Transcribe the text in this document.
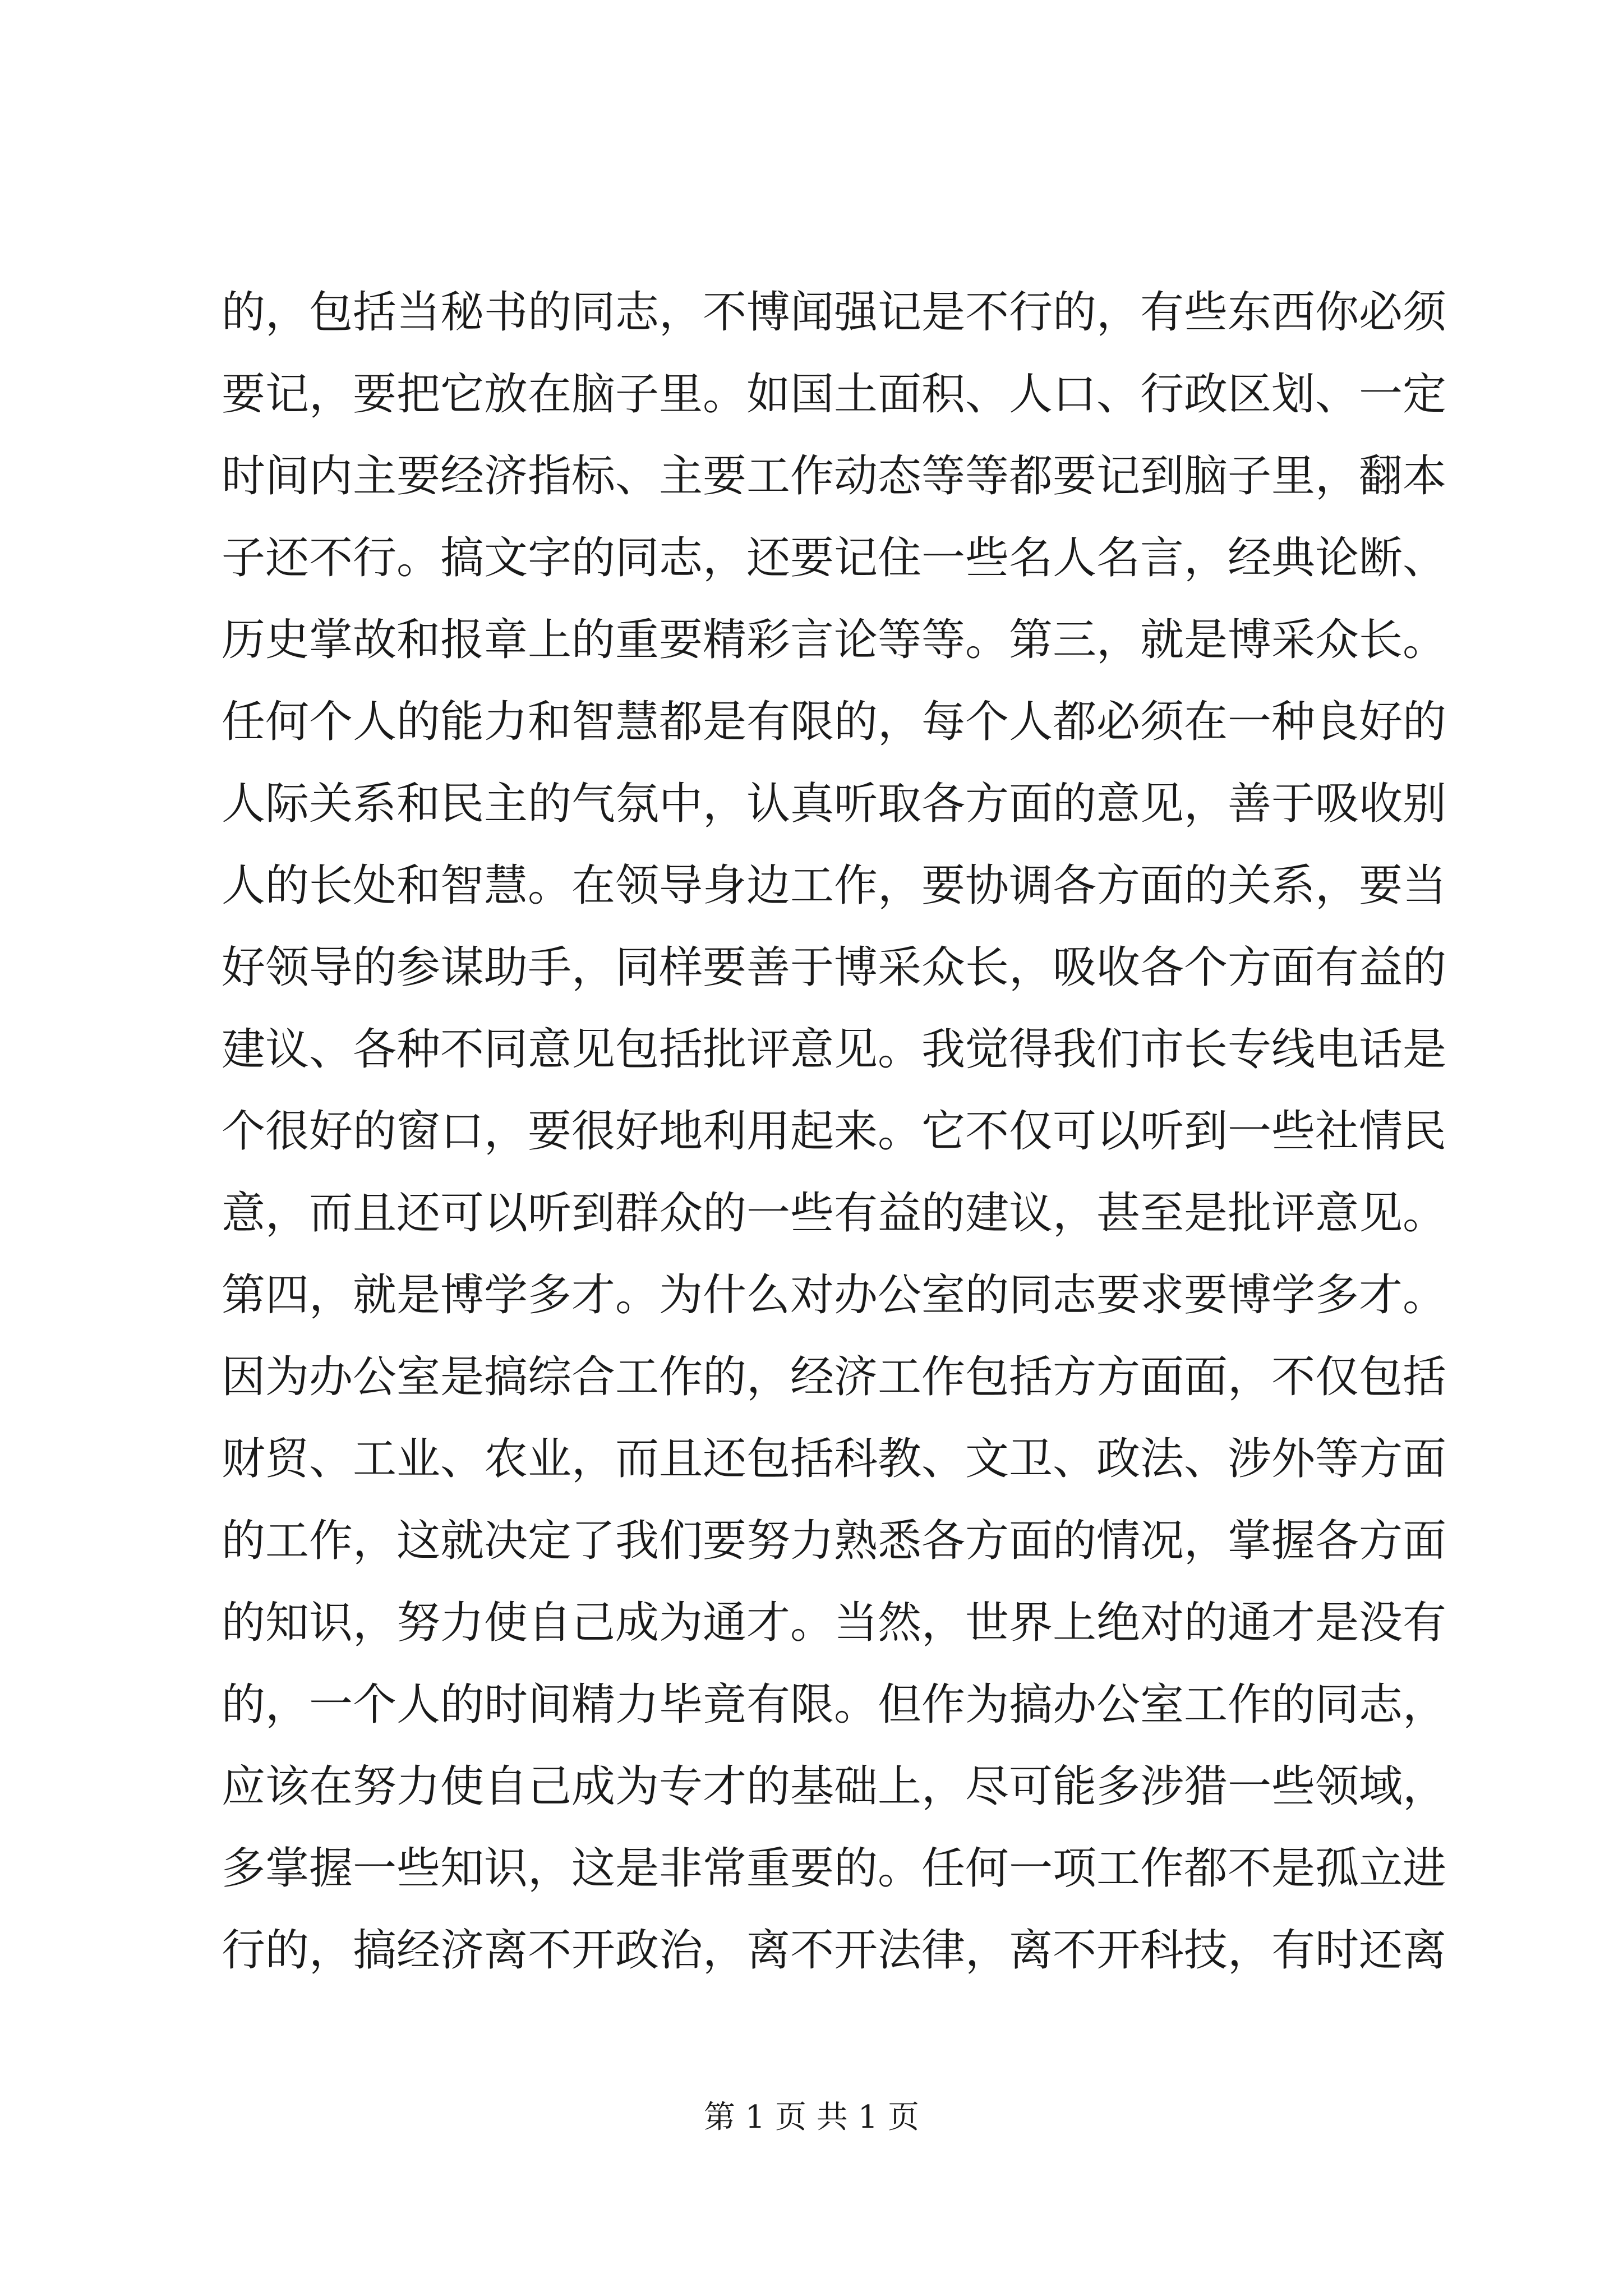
的，包括当秘书的同志，不博闻强记是不行的，有些东西你必须
要记，要把它放在脑子里。如国土面积、人口、行政区划、一定
时间内主要经济指标、主要工作动态等等都要记到脑子里，翻本
子还不行。搞文字的同志，还要记住一些名人名言，经典论断、
历史掌故和报章上的重要精彩言论等等。第三，就是博采众长。
任何个人的能力和智慧都是有限的，每个人都必须在一种良好的
人际关系和民主的气氛中，认真听取各方面的意见，善于吸收别
人的长处和智慧。在领导身边工作，要协调各方面的关系，要当
好领导的参谋助手，同样要善于博采众长，吸收各个方面有益的
建议、各种不同意见包括批评意见。我觉得我们市长专线电话是
个很好的窗口，要很好地利用起来。它不仅可以听到一些社情民
意，而且还可以听到群众的一些有益的建议，甚至是批评意见。
第四，就是博学多才。为什么对办公室的同志要求要博学多才。
因为办公室是搞综合工作的，经济工作包括方方面面，不仅包括
财贸、工业、农业，而且还包括科教、文卫、政法、涉外等方面
的工作，这就决定了我们要努力熟悉各方面的情况，掌握各方面
的知识，努力使自己成为通才。当然，世界上绝对的通才是没有
的，一个人的时间精力毕竟有限。但作为搞办公室工作的同志，
应该在努力使自己成为专才的基础上，尽可能多涉猎一些领域，
多掌握一些知识，这是非常重要的。任何一项工作都不是孤立进
行的，搞经济离不开政治，离不开法律，离不开科技，有时还离
第 1 页 共 1 页
